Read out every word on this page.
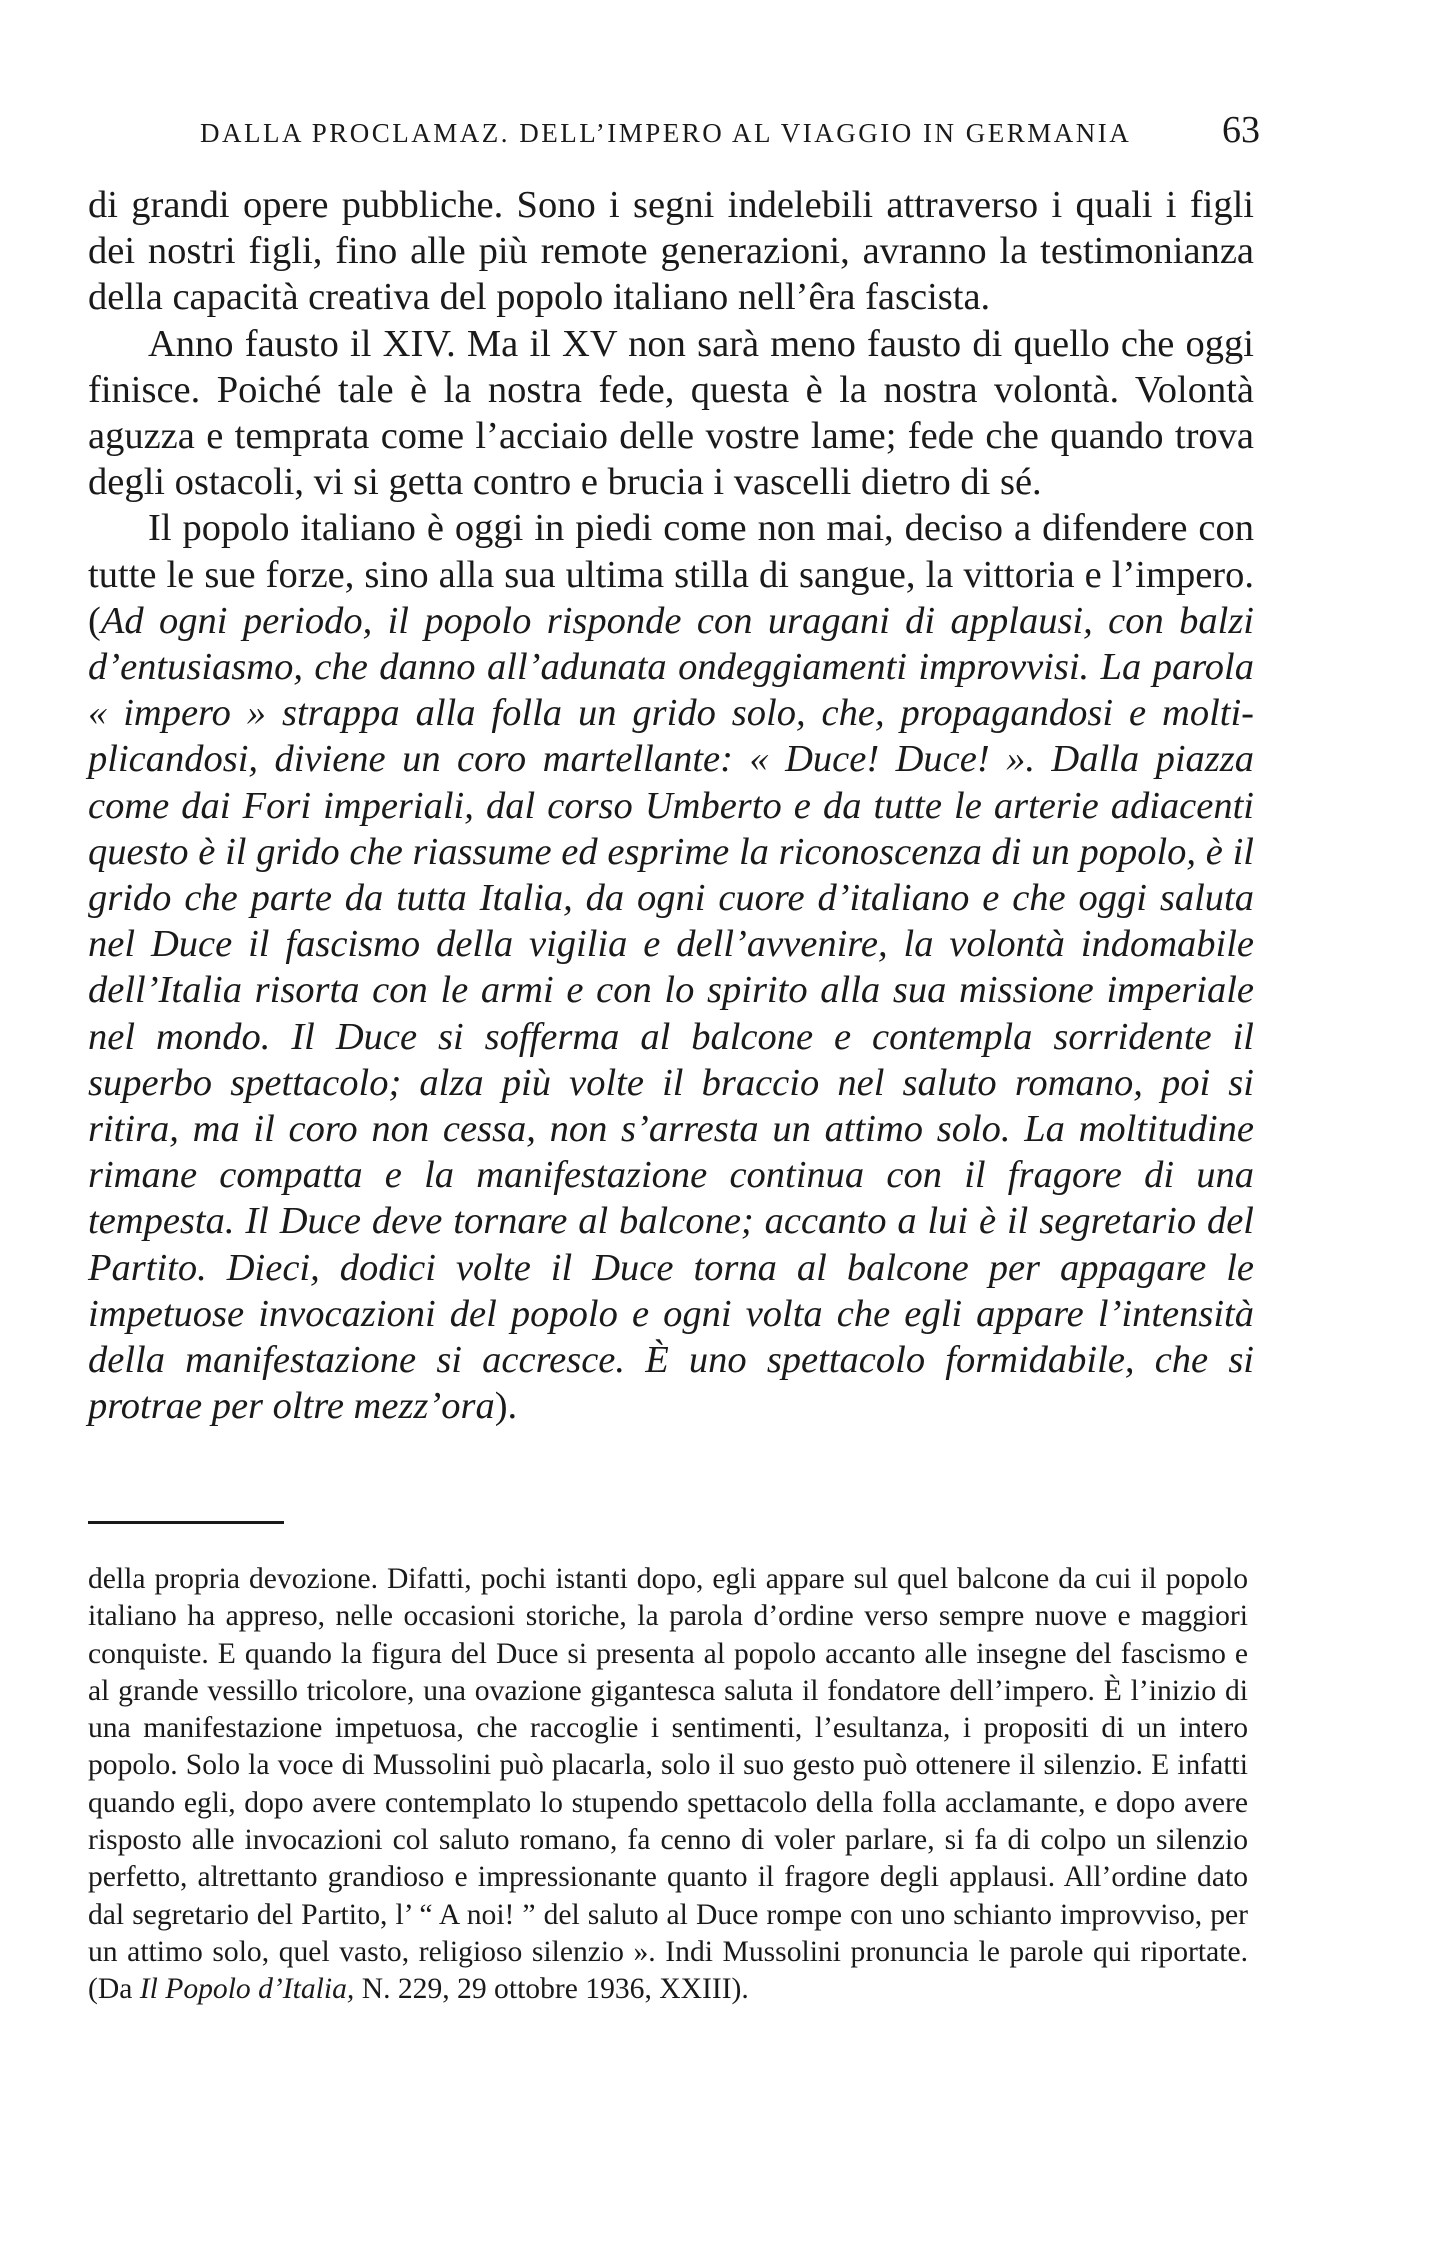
DALLA PROCLAMAZ. DELL’IMPERO AL VIAGGIO IN GERMANIA 63

di grandi opere pubbliche. Sono i segni indelebili attraverso i quali i figli dei nostri figli, fino alle più remote generazioni, avranno la testimonianza della capacità creativa del popolo italiano nell’êra fascista.

Anno fausto il XIV. Ma il XV non sarà meno fausto di quello che oggi finisce. Poiché tale è la nostra fede, questa è la nostra volontà. Volontà aguzza e temprata come l’acciaio delle vostre lame; fede che quando trova degli ostacoli, vi si getta contro e brucia i vascelli dietro di sé.

Il popolo italiano è oggi in piedi come non mai, deciso a difendere con tutte le sue forze, sino alla sua ultima stilla di sangue, la vittoria e l’impero. (Ad ogni periodo, il popolo risponde con uragani di applausi, con balzi d’entusiasmo, che danno all’adunata ondeggiamenti improvvisi. La parola « impero » strappa alla folla un grido solo, che, propagandosi e moltiplicandosi, diviene un coro martellante: « Duce! Duce! ». Dalla piazza come dai Fori imperiali, dal corso Umberto e da tutte le arterie adiacenti questo è il grido che riassume ed esprime la riconoscenza di un popolo, è il grido che parte da tutta Italia, da ogni cuore d’italiano e che oggi saluta nel Duce il fascismo della vigilia e dell’avvenire, la volontà indomabile dell’Italia risorta con le armi e con lo spirito alla sua missione imperiale nel mondo. Il Duce si sofferma al balcone e contempla sorridente il superbo spettacolo; alza più volte il braccio nel saluto romano, poi si ritira, ma il coro non cessa, non s’arresta un attimo solo. La moltitudine rimane compatta e la manifestazione continua con il fragore di una tempesta. Il Duce deve tornare al balcone; accanto a lui è il segretario del Partito. Dieci, dodici volte il Duce torna al balcone per appagare le impetuose invocazioni del popolo e ogni volta che egli appare l’intensità della manifestazione si accresce. È uno spettacolo formidabile, che si protrae per oltre mezz’ora).

della propria devozione. Difatti, pochi istanti dopo, egli appare sul quel balcone da cui il popolo italiano ha appreso, nelle occasioni storiche, la parola d’ordine verso sempre nuove e maggiori conquiste. E quando la figura del Duce si presenta al popolo accanto alle insegne del fascismo e al grande vessillo tricolore, una ovazione gigantesca saluta il fondatore dell’impero. È l’inizio di una manifestazione impetuosa, che raccoglie i sentimenti, l’esultanza, i propositi di un intero popolo. Solo la voce di Mussolini può placarla, solo il suo gesto può ottenere il silenzio. E infatti quando egli, dopo avere contemplato lo stupendo spettacolo della folla acclamante, e dopo avere risposto alle invocazioni col saluto romano, fa cenno di voler parlare, si fa di colpo un silenzio perfetto, altrettanto grandioso e impressionante quanto il fragore degli applausi. All’ordine dato dal segretario del Partito, l’ “ A noi! ” del saluto al Duce rompe con uno schianto improvviso, per un attimo solo, quel vasto, religioso silenzio ». Indi Mussolini pronuncia le parole qui riportate. (Da Il Popolo d’Italia, N. 229, 29 ottobre 1936, XXIII).
